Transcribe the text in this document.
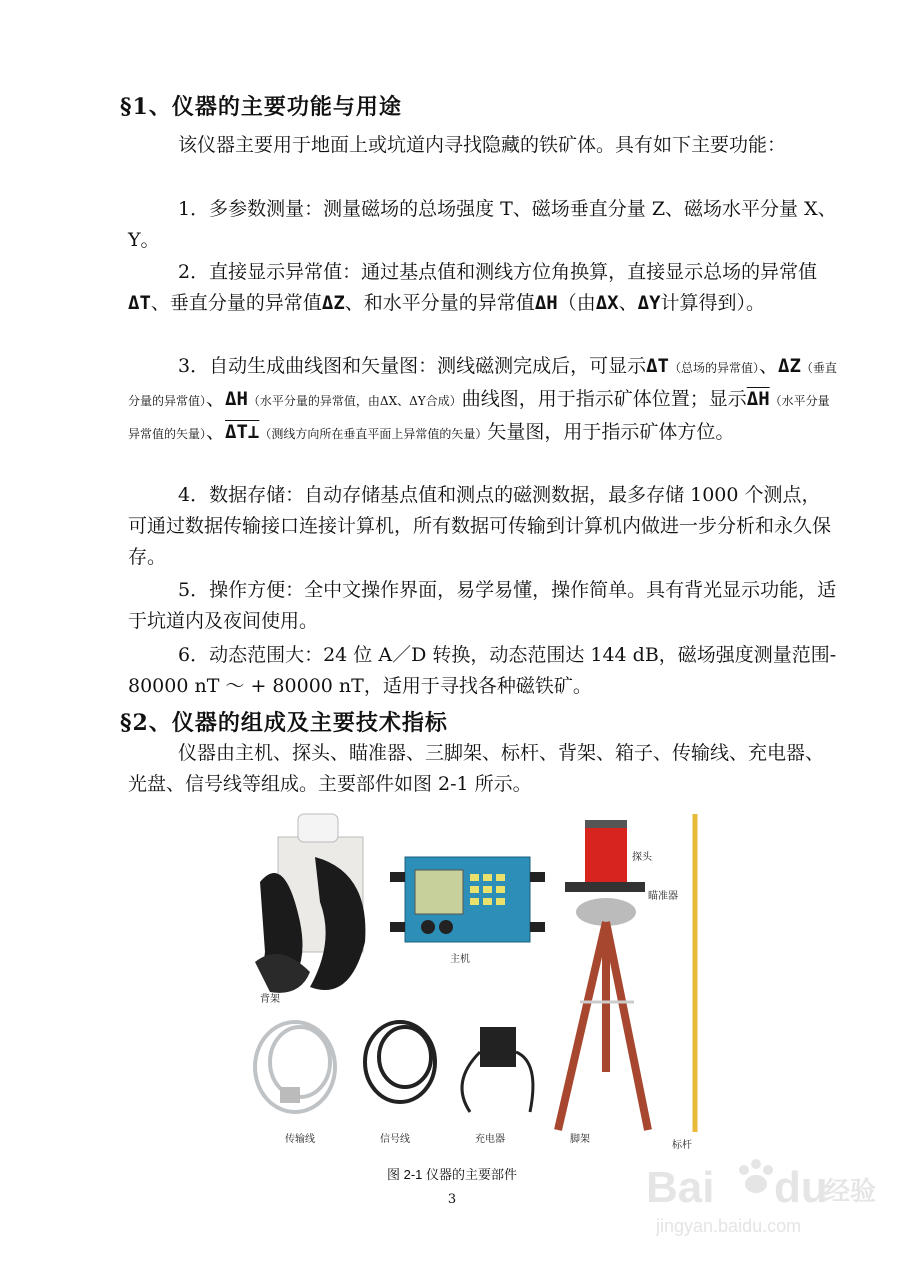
§1、仪器的主要功能与用途
该仪器主要用于地面上或坑道内寻找隐藏的铁矿体。具有如下主要功能：
1．多参数测量：测量磁场的总场强度 T、磁场垂直分量 Z、磁场水平分量 X、Y。
2．直接显示异常值：通过基点值和测线方位角换算，直接显示总场的异常值ΔT、垂直分量的异常值ΔZ、和水平分量的异常值ΔH（由ΔX、ΔY计算得到）。
3．自动生成曲线图和矢量图：测线磁测完成后，可显示ΔT（总场的异常值）、ΔZ（垂直分量的异常值）、ΔH（水平分量的异常值，由ΔX、ΔY合成）曲线图，用于指示矿体位置；显示$\overline{\Delta H}$（水平分量异常值的矢量）、ΔT⊥（测线方向所在垂直平面上异常值的矢量）矢量图，用于指示矿体方位。
4．数据存储：自动存储基点值和测点的磁测数据，最多存储 1000 个测点，可通过数据传输接口连接计算机，所有数据可传输到计算机内做进一步分析和永久保存。
5．操作方便：全中文操作界面，易学易懂，操作简单。具有背光显示功能，适于坑道内及夜间使用。
6．动态范围大：24 位 A／D 转换，动态范围达 144 dB，磁场强度测量范围- 80000 nT ～ + 80000 nT，适用于寻找各种磁铁矿。
§2、仪器的组成及主要技术指标
仪器由主机、探头、瞄准器、三脚架、标杆、背架、箱子、传输线、充电器、光盘、信号线等组成。主要部件如图 2-1 所示。
背架
主机
探头
瞄准器
传输线	信号线	充电器	脚架
标杆
图 2-1 仪器的主要部件
3	Bai du
经验
jingyan.baidu.com
